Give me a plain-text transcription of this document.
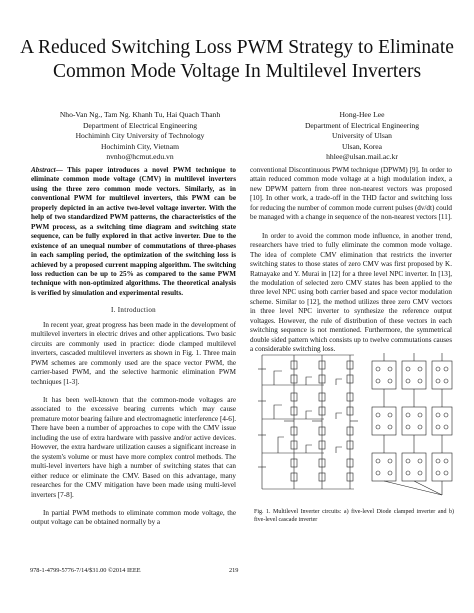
A Reduced Switching Loss PWM Strategy to Eliminate
Common Mode Voltage In Multilevel Inverters
Nho-Van Ng., Tam Ng. Khanh Tu, Hai Quach Thanh
Department of Electrical Engineering
Hochiminh City University of Technology
Hochiminh City, Vietnam
nvnho@hcmut.edu.vn
Hong-Hee Lee
Department of Electrical Engineering
University of Ulsan
Ulsan, Korea
hhlee@ulsan.mail.ac.kr

Abstract— This paper introduces a novel PWM technique to eliminate common mode voltage (CMV) in multilevel inverters using the three zero common mode vectors. Similarly, as in conventional PWM for multilevel inverters, this PWM can be properly depicted in an active two-level voltage inverter. With the help of two standardized PWM patterns, the characteristics of the PWM process, as a switching time diagram and switching state sequence, can be fully explored in that active inverter. Due to the existence of an unequal number of commutations of three-phases in each sampling period, the optimization of the switching loss is achieved by a proposed current mapping algorithm. The switching loss reduction can be up to 25% as compared to the same PWM technique with non-optimized algorithms. The theoretical analysis is verified by simulation and experimental results.

I. Introduction

In recent year, great progress has been made in the development of multilevel inverters in electric drives and other applications. Two basic circuits are commonly used in practice: diode clamped multilevel inverters, cascaded multilevel inverters as shown in Fig. 1. Three main PWM schemes are commonly used are the space vector PWM, the carrier-based PWM, and the selective harmonic elimination PWM techniques [1-3].

It has been well-known that the common-mode voltages are associated to the excessive bearing currents which may cause premature motor bearing failure and electromagnetic interference [4-6]. There have been a number of approaches to cope with the CMV issue including the use of extra hardware with passive and/or active devices. However, the extra hardware utilization causes a significant increase in the system's volume or must have more complex control methods. The multi-level inverters have high a number of switching states that can either reduce or eliminate the CMV. Based on this advantage, many researches for the CMV mitigation have been made using multi-level inverters [7-8].

In partial PWM methods to eliminate common mode voltage, the output voltage can be obtained normally by a

conventional Discontinuous PWM technique (DPWM) [9]. In order to attain reduced common mode voltage at a high modulation index, a new DPWM pattern from three non-nearest vectors was proposed [10]. In other work, a trade-off in the THD factor and switching loss for reducing the number of common mode current pulses (dv/dt) could be managed with a change in sequence of the non-nearest vectors [11].

In order to avoid the common mode influence, in another trend, researchers have tried to fully eliminate the common mode voltage. The idea of complete CMV elimination that restricts the inverter switching states to those states of zero CMV was first proposed by K. Ratnayake and Y. Murai in [12] for a three level NPC inverter. In [13], the modulation of selected zero CMV states has been applied to the three level NPC using both carrier based and space vector modulation scheme. Similar to [12], the method utilizes three zero CMV vectors in three level NPC inverter to synthesize the reference output voltages. However, the rule of distribution of these vectors in each switching sequence is not mentioned. Furthermore, the symmetrical double sided pattern which consists up to twelve commutations causes a considerable switching loss.

Fig. 1. Multilevel Inverter circuits: a) five-level Diode clamped inverter and b) five-level cascade inverter
978-1-4799-5776-7/14/$31.00 ©2014 IEEE	219
